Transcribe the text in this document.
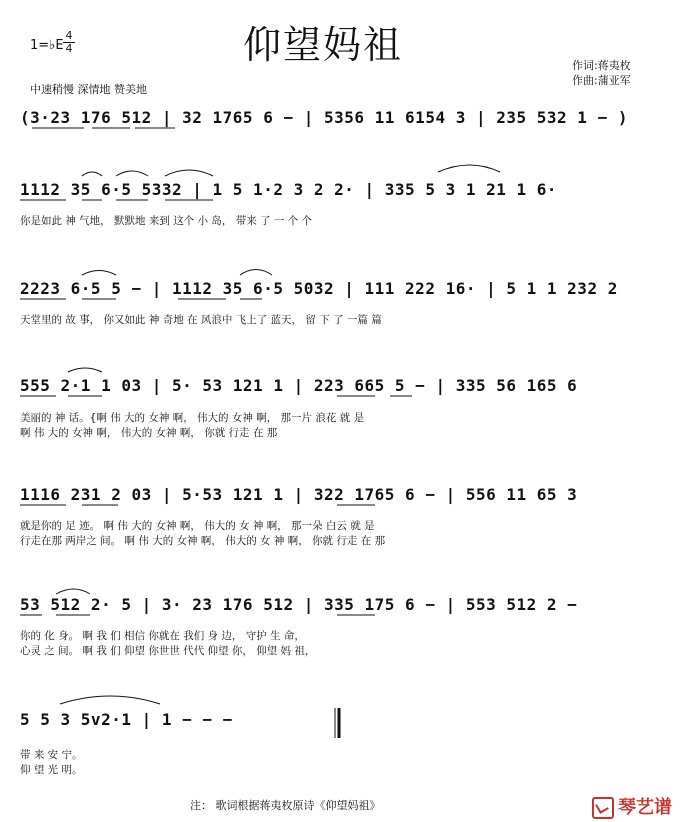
仰望妈祖
1=♭E
4
4
中速稍慢 深情地 赞美地
作词:蒋夷枚
作曲:蒲亚军
(3·23 176 512 | 32 1765 6 − | 5356 11 6154 3 | 235 532 1 − )
1112 35 6·5 5332 | 1 5 1·2 3 2 2· | 335 5 3 1 21 1 6·
你是如此 神 气地， 默默地 来到 这个 小 岛， 带来 了 一 个 个
2223 6·5 5 − | 1112 35 6·5 5032 | 111 222 16· | 5 1 1 232 2
天堂里的 故 事， 你又如此 神 奇地 在 风浪中 飞上了 蓝天， 留 下 了 一篇 篇
555 2·1 1 03 | 5· 53 121 1 | 223 665 5 − | 335 56 165 6
美丽的 神 话。{啊 伟 大的 女神 啊， 伟大的 女神 啊， 那一片 浪花 就 是
啊 伟 大的 女神 啊， 伟大的 女神 啊， 你就 行走 在 那
1116 231 2 03 | 5·53 121 1 | 322 1765 6 − | 556 11 65 3
就是你的 足 迹。 啊 伟 大的 女神 啊， 伟大的 女 神 啊， 那一朵 白云 就 是
行走在那 两岸之 间。 啊 伟 大的 女神 啊， 伟大的 女 神 啊， 你就 行走 在 那
53 512 2· 5 | 3· 23 176 512 | 335 175 6 − | 553 512 2 −
你的 化 身。 啊 我 们 相信 你就在 我们 身 边， 守护 生 命，
心灵 之 间。 啊 我 们 仰望 你世世 代代 仰望 你， 仰望 妈 祖，
5 5 3 5v2·1 | 1 − − −
带 来 安 宁。
仰 望 光 明。
注： 歌词根据蒋夷枚原诗《仰望妈祖》	琴艺谱
